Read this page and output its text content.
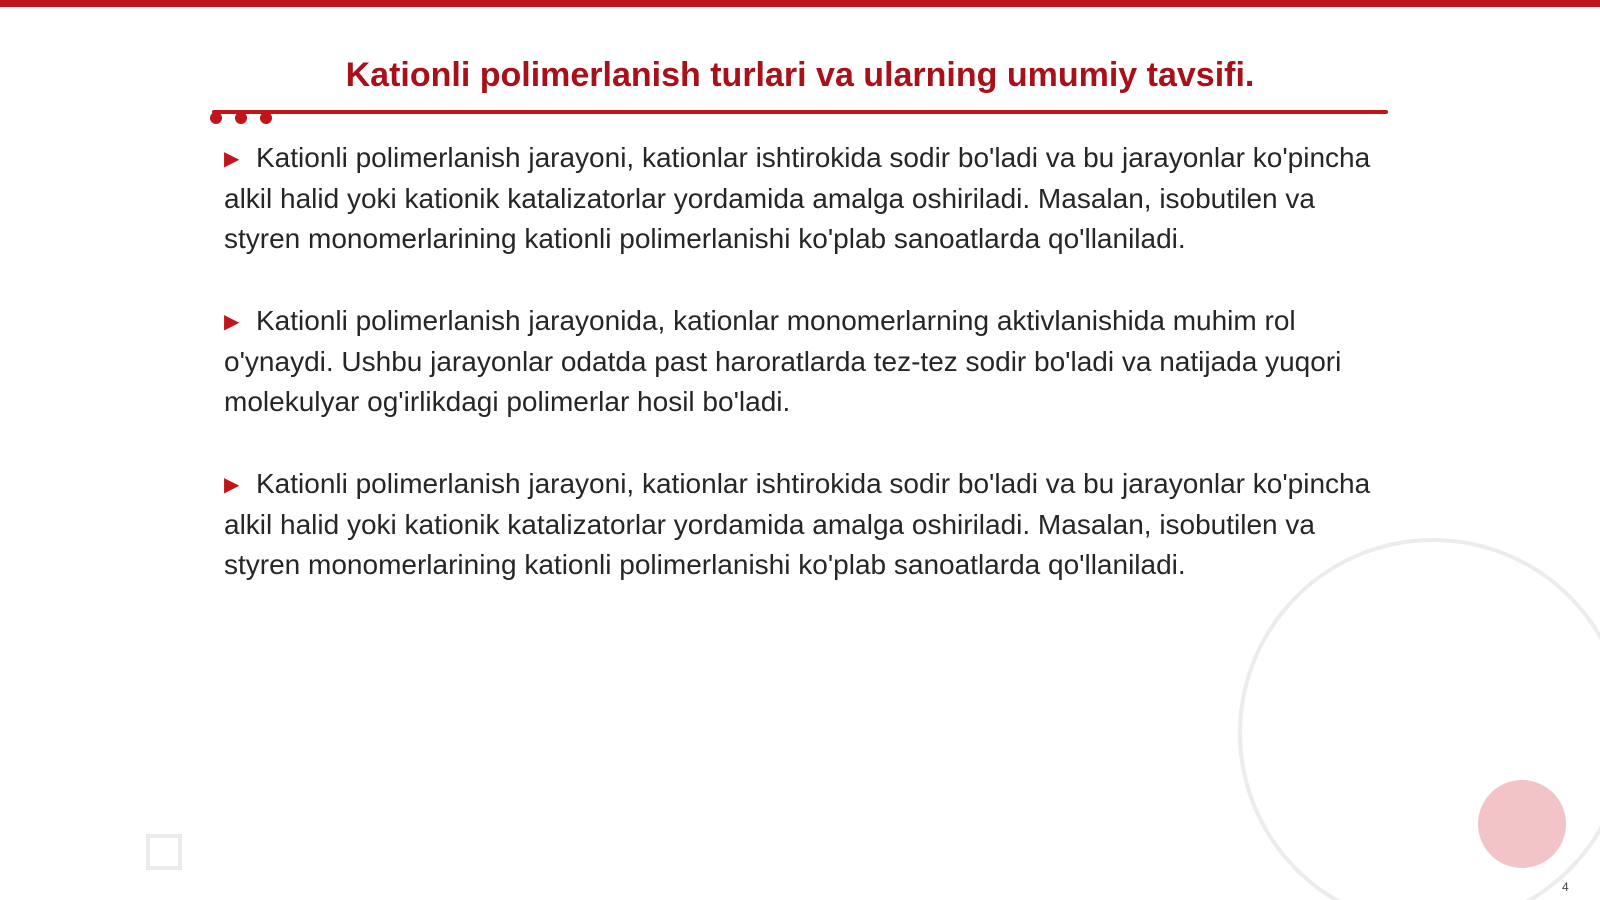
Kationli polimerlanish turlari va ularning umumiy tavsifi.
▶ Kationli polimerlanish jarayoni, kationlar ishtirokida sodir bo'ladi va bu jarayonlar ko'pincha alkil halid yoki kationik katalizatorlar yordamida amalga oshiriladi. Masalan, isobutilen va styren monomerlarining kationli polimerlanishi ko'plab sanoatlarda qo'llaniladi.
▶ Kationli polimerlanish jarayonida, kationlar monomerlarning aktivlanishida muhim rol o'ynaydi. Ushbu jarayonlar odatda past haroratlarda tez-tez sodir bo'ladi va natijada yuqori molekulyar og'irlikdagi polimerlar hosil bo'ladi.
▶ Kationli polimerlanish jarayoni, kationlar ishtirokida sodir bo'ladi va bu jarayonlar ko'pincha alkil halid yoki kationik katalizatorlar yordamida amalga oshiriladi. Masalan, isobutilen va styren monomerlarining kationli polimerlanishi ko'plab sanoatlarda qo'llaniladi.
4
